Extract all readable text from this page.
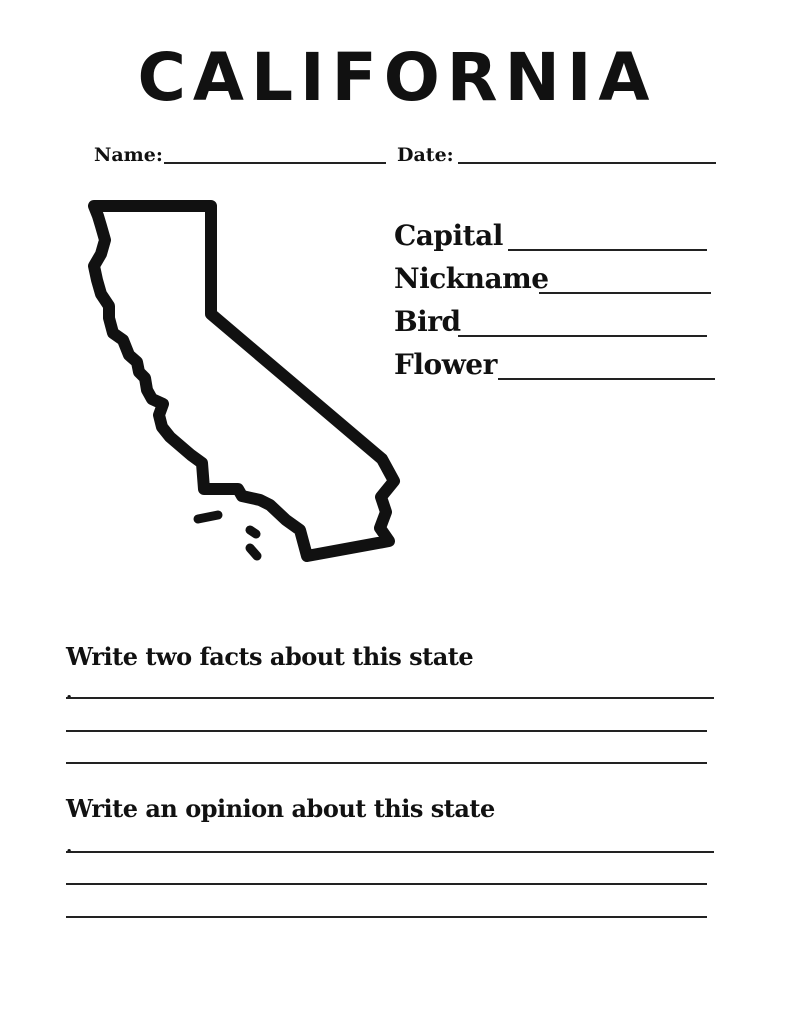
CALIFORNIA
Name:	Date:
Capital
Nickname
Bird
Flower
Write two facts about this state
.
Write an opinion about this state
.
